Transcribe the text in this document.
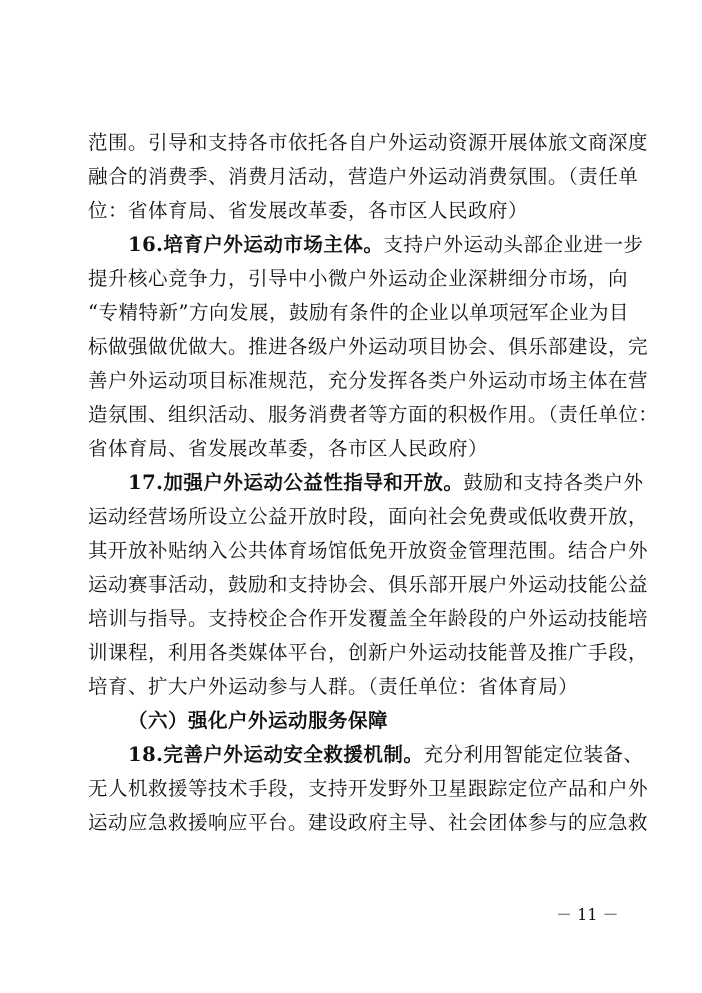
范围。引导和支持各市依托各自户外运动资源开展体旅文商深度
融合的消费季、消费月活动，营造户外运动消费氛围。（责任单
位：省体育局、省发展改革委，各市区人民政府）
16.培育户外运动市场主体。支持户外运动头部企业进一步
提升核心竞争力，引导中小微户外运动企业深耕细分市场，向
“专精特新”方向发展，鼓励有条件的企业以单项冠军企业为目
标做强做优做大。推进各级户外运动项目协会、俱乐部建设，完
善户外运动项目标准规范，充分发挥各类户外运动市场主体在营
造氛围、组织活动、服务消费者等方面的积极作用。（责任单位：
省体育局、省发展改革委，各市区人民政府）
17.加强户外运动公益性指导和开放。鼓励和支持各类户外
运动经营场所设立公益开放时段，面向社会免费或低收费开放，
其开放补贴纳入公共体育场馆低免开放资金管理范围。结合户外
运动赛事活动，鼓励和支持协会、俱乐部开展户外运动技能公益
培训与指导。支持校企合作开发覆盖全年龄段的户外运动技能培
训课程，利用各类媒体平台，创新户外运动技能普及推广手段，
培育、扩大户外运动参与人群。（责任单位：省体育局）
（六）强化户外运动服务保障
18.完善户外运动安全救援机制。充分利用智能定位装备、
无人机救援等技术手段，支持开发野外卫星跟踪定位产品和户外
运动应急救援响应平台。建设政府主导、社会团体参与的应急救
－ 11 －
